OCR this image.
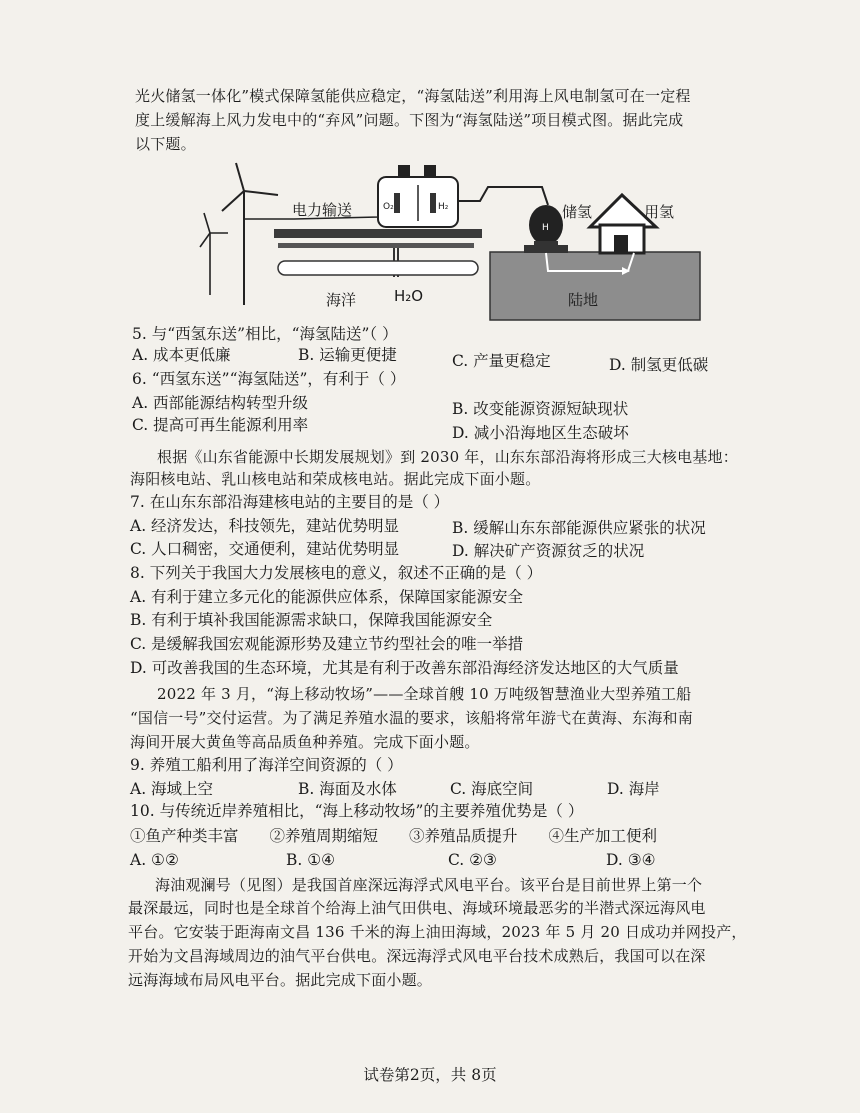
光火储氢一体化”模式保障氢能供应稳定，“海氢陆送”利用海上风电制氢可在一定程
度上缓解海上风力发电中的“弃风”问题。下图为“海氢陆送”项目模式图。据此完成
以下题。
电力输送	O₂	H₂
H
储氢	用氢
海洋	H₂O	陆地
5. 与“西氢东送”相比，“海氢陆送”（ ）
A. 成本更低廉	B. 运输更便捷	C. 产量更稳定	D. 制氢更低碳
6. “西氢东送”“海氢陆送”，有利于（ ）
A. 西部能源结构转型升级	B. 改变能源资源短缺现状
C. 提高可再生能源利用率	D. 减小沿海地区生态破坏
根据《山东省能源中长期发展规划》到 2030 年，山东东部沿海将形成三大核电基地：
海阳核电站、乳山核电站和荣成核电站。据此完成下面小题。
7. 在山东东部沿海建核电站的主要目的是（ ）
A. 经济发达，科技领先，建站优势明显	B. 缓解山东东部能源供应紧张的状况
C. 人口稠密，交通便利，建站优势明显	D. 解决矿产资源贫乏的状况
8. 下列关于我国大力发展核电的意义，叙述不正确的是（ ）
A. 有利于建立多元化的能源供应体系，保障国家能源安全
B. 有利于填补我国能源需求缺口，保障我国能源安全
C. 是缓解我国宏观能源形势及建立节约型社会的唯一举措
D. 可改善我国的生态环境，尤其是有利于改善东部沿海经济发达地区的大气质量
2022 年 3 月，“海上移动牧场”——全球首艘 10 万吨级智慧渔业大型养殖工船
“国信一号”交付运营。为了满足养殖水温的要求，该船将常年游弋在黄海、东海和南
海间开展大黄鱼等高品质鱼种养殖。完成下面小题。
9. 养殖工船利用了海洋空间资源的（ ）
A. 海域上空	B. 海面及水体	C. 海底空间	D. 海岸
10. 与传统近岸养殖相比，“海上移动牧场”的主要养殖优势是（ ）
①鱼产种类丰富　　②养殖周期缩短　　③养殖品质提升　　④生产加工便利
A. ①②	B. ①④	C. ②③	D. ③④
海油观澜号（见图）是我国首座深远海浮式风电平台。该平台是目前世界上第一个
最深最远，同时也是全球首个给海上油气田供电、海域环境最恶劣的半潜式深远海风电
平台。它安装于距海南文昌 136 千米的海上油田海域，2023 年 5 月 20 日成功并网投产，
开始为文昌海域周边的油气平台供电。深远海浮式风电平台技术成熟后，我国可以在深
远海海域布局风电平台。据此完成下面小题。
试卷第2页，共 8页
